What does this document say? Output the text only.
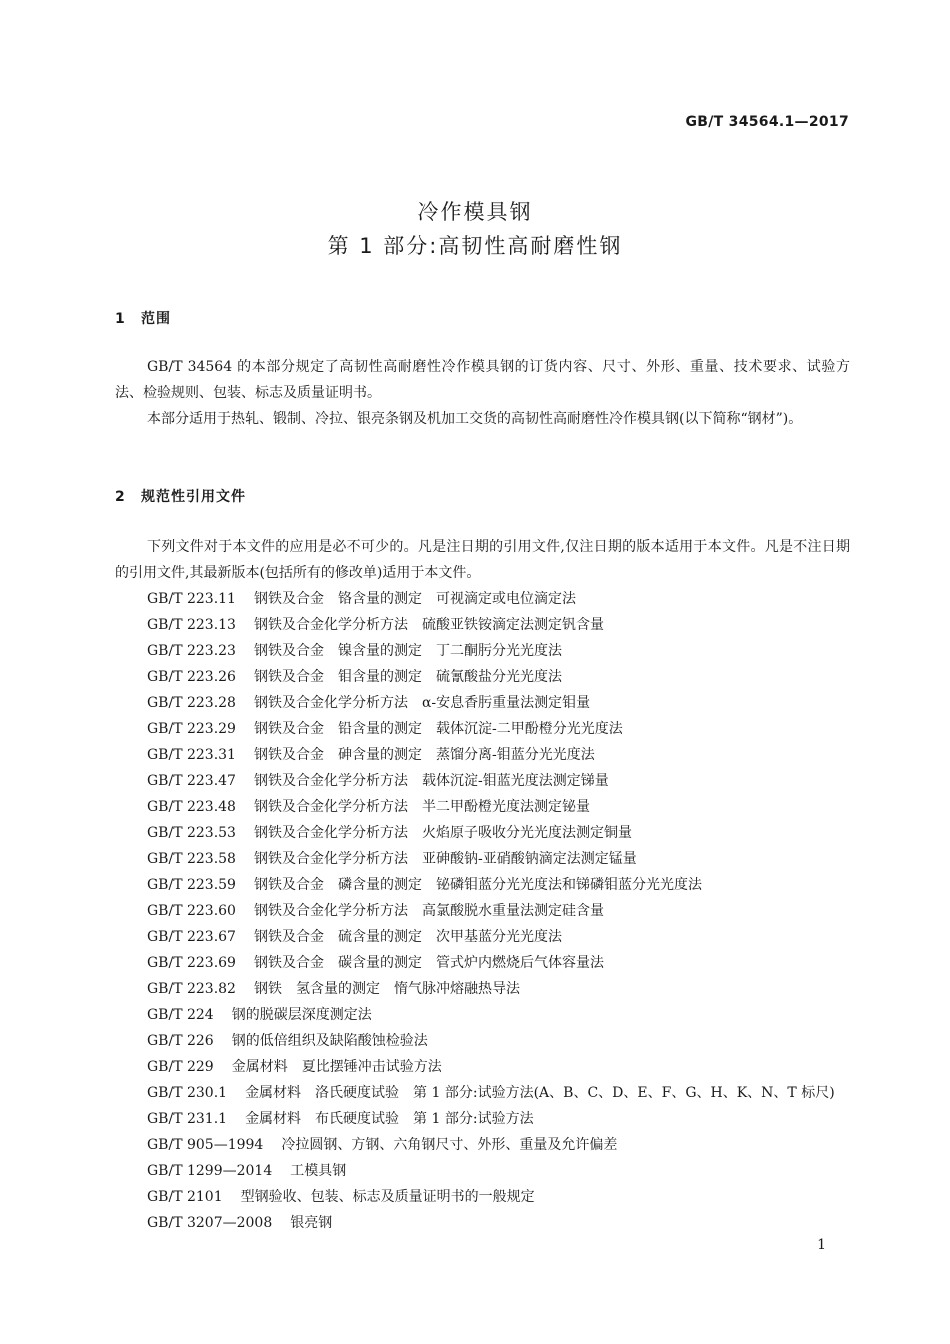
GB/T 34564.1—2017
冷作模具钢
第 1 部分:高韧性高耐磨性钢
1 范围

GB/T 34564 的本部分规定了高韧性高耐磨性冷作模具钢的订货内容、尺寸、外形、重量、技术要求、试验方法、检验规则、包装、标志及质量证明书。

本部分适用于热轧、锻制、冷拉、银亮条钢及机加工交货的高韧性高耐磨性冷作模具钢(以下简称“钢材”)。

2 规范性引用文件

下列文件对于本文件的应用是必不可少的。凡是注日期的引用文件,仅注日期的版本适用于本文件。凡是不注日期的引用文件,其最新版本(包括所有的修改单)适用于本文件。

GB/T 223.11 钢铁及合金　铬含量的测定　可视滴定或电位滴定法
GB/T 223.13 钢铁及合金化学分析方法　硫酸亚铁铵滴定法测定钒含量
GB/T 223.23 钢铁及合金　镍含量的测定　丁二酮肟分光光度法
GB/T 223.26 钢铁及合金　钼含量的测定　硫氰酸盐分光光度法
GB/T 223.28 钢铁及合金化学分析方法　α-安息香肟重量法测定钼量
GB/T 223.29 钢铁及合金　铅含量的测定　载体沉淀-二甲酚橙分光光度法
GB/T 223.31 钢铁及合金　砷含量的测定　蒸馏分离-钼蓝分光光度法
GB/T 223.47 钢铁及合金化学分析方法　载体沉淀-钼蓝光度法测定锑量
GB/T 223.48 钢铁及合金化学分析方法　半二甲酚橙光度法测定铋量
GB/T 223.53 钢铁及合金化学分析方法　火焰原子吸收分光光度法测定铜量
GB/T 223.58 钢铁及合金化学分析方法　亚砷酸钠-亚硝酸钠滴定法测定锰量
GB/T 223.59 钢铁及合金　磷含量的测定　铋磷钼蓝分光光度法和锑磷钼蓝分光光度法
GB/T 223.60 钢铁及合金化学分析方法　高氯酸脱水重量法测定硅含量
GB/T 223.67 钢铁及合金　硫含量的测定　次甲基蓝分光光度法
GB/T 223.69 钢铁及合金　碳含量的测定　管式炉内燃烧后气体容量法
GB/T 223.82 钢铁　氢含量的测定　惰气脉冲熔融热导法
GB/T 224 钢的脱碳层深度测定法
GB/T 226 钢的低倍组织及缺陷酸蚀检验法
GB/T 229 金属材料　夏比摆锤冲击试验方法
GB/T 230.1 金属材料　洛氏硬度试验　第 1 部分:试验方法(A、B、C、D、E、F、G、H、K、N、T 标尺)
GB/T 231.1 金属材料　布氏硬度试验　第 1 部分:试验方法
GB/T 905—1994 冷拉圆钢、方钢、六角钢尺寸、外形、重量及允许偏差
GB/T 1299—2014 工模具钢
GB/T 2101 型钢验收、包装、标志及质量证明书的一般规定
GB/T 3207—2008 银亮钢
1
